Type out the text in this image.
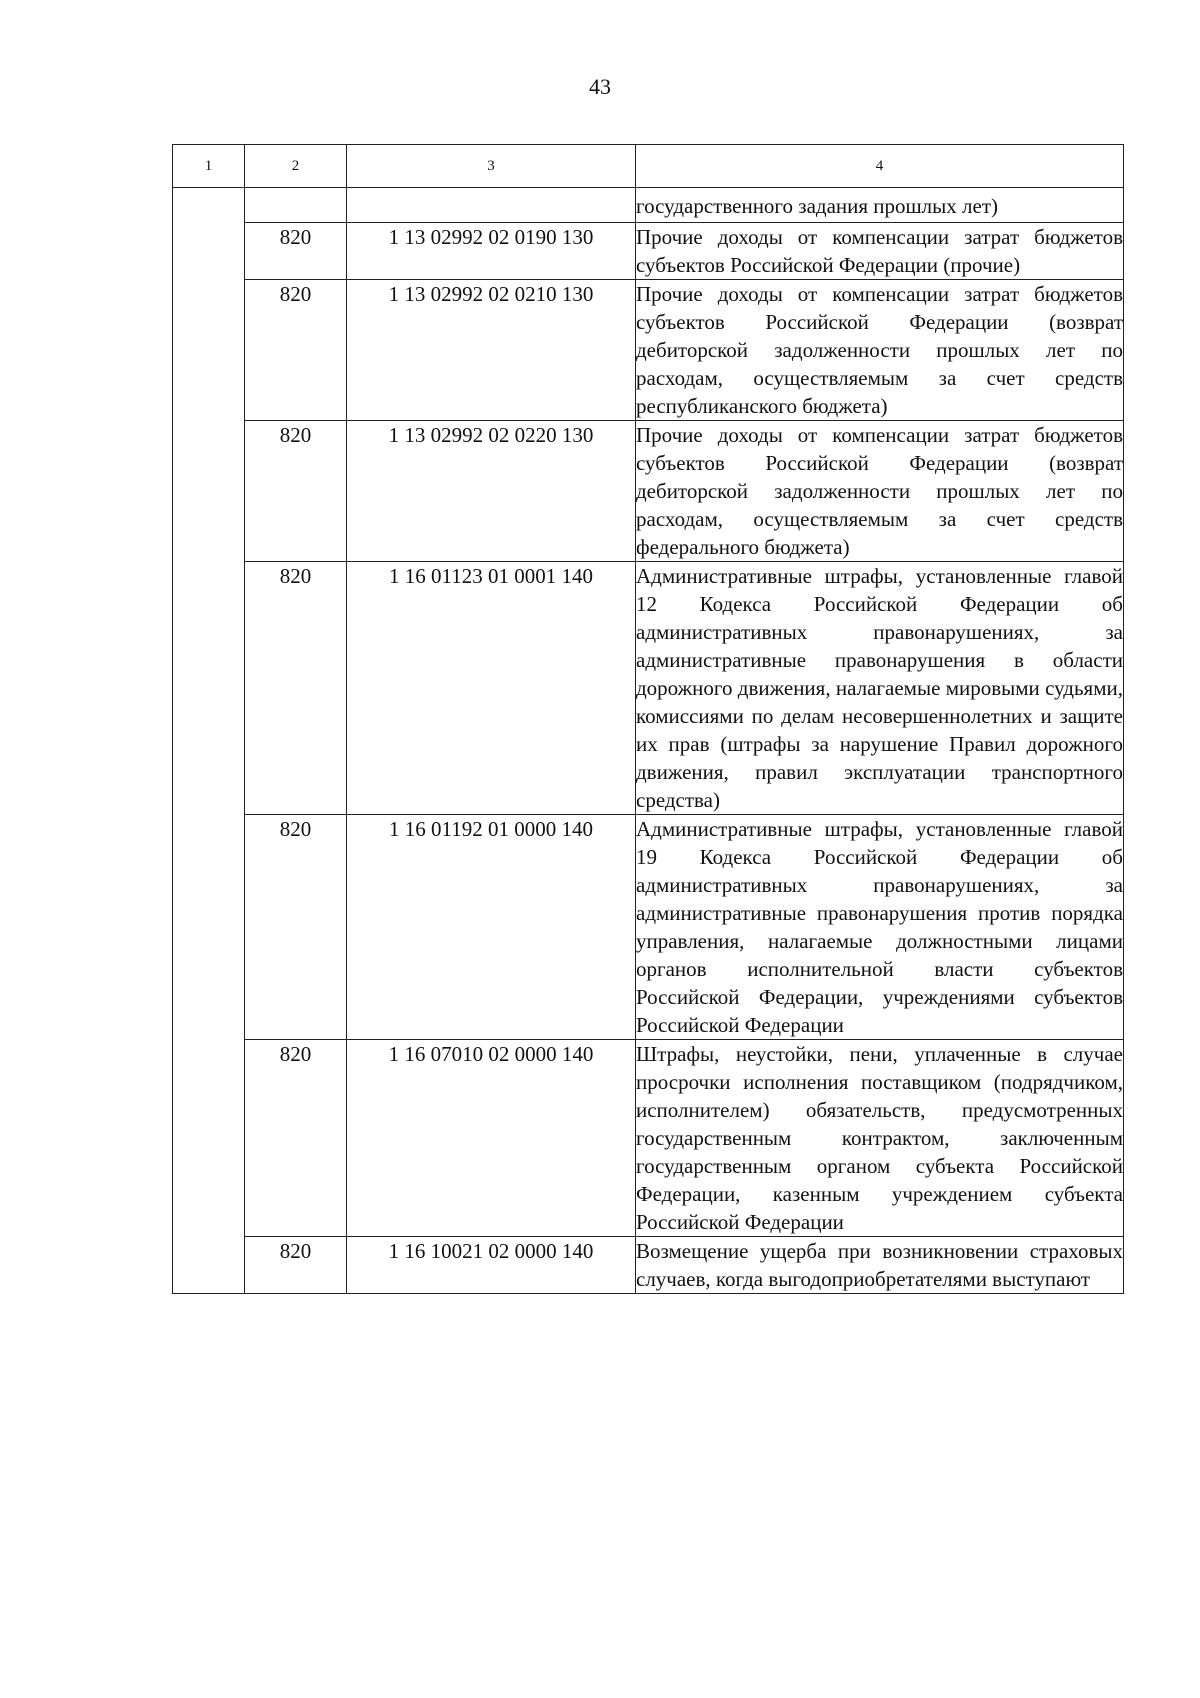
43
1	2	3	4
			государственного задания прошлых лет)
	820	1 13 02992 02 0190 130	Прочие доходы от компенсации затрат бюджетов субъектов Российской Федерации (прочие)
	820	1 13 02992 02 0210 130	Прочие доходы от компенсации затрат бюджетов субъектов Российской Федерации (возврат дебиторской задолженности прошлых лет по расходам, осуществляемым за счет средств республиканского бюджета)
	820	1 13 02992 02 0220 130	Прочие доходы от компенсации затрат бюджетов субъектов Российской Федерации (возврат дебиторской задолженности прошлых лет по расходам, осуществляемым за счет средств федерального бюджета)
	820	1 16 01123 01 0001 140	Административные штрафы, установленные главой 12 Кодекса Российской Федерации об административных правонарушениях, за административные правонарушения в области дорожного движения, налагаемые мировыми судьями, комиссиями по делам несовершеннолетних и защите их прав (штрафы за нарушение Правил дорожного движения, правил эксплуатации транспортного средства)
	820	1 16 01192 01 0000 140	Административные штрафы, установленные главой 19 Кодекса Российской Федерации об административных правонарушениях, за административные правонарушения против порядка управления, налагаемые должностными лицами органов исполнительной власти субъектов Российской Федерации, учреждениями субъектов Российской Федерации
	820	1 16 07010 02 0000 140	Штрафы, неустойки, пени, уплаченные в случае просрочки исполнения поставщиком (подрядчиком, исполнителем) обязательств, предусмотренных государственным контрактом, заключенным государственным органом субъекта Российской Федерации, казенным учреждением субъекта Российской Федерации
	820	1 16 10021 02 0000 140	Возмещение ущерба при возникновении страховых случаев, когда выгодоприобретателями выступают
